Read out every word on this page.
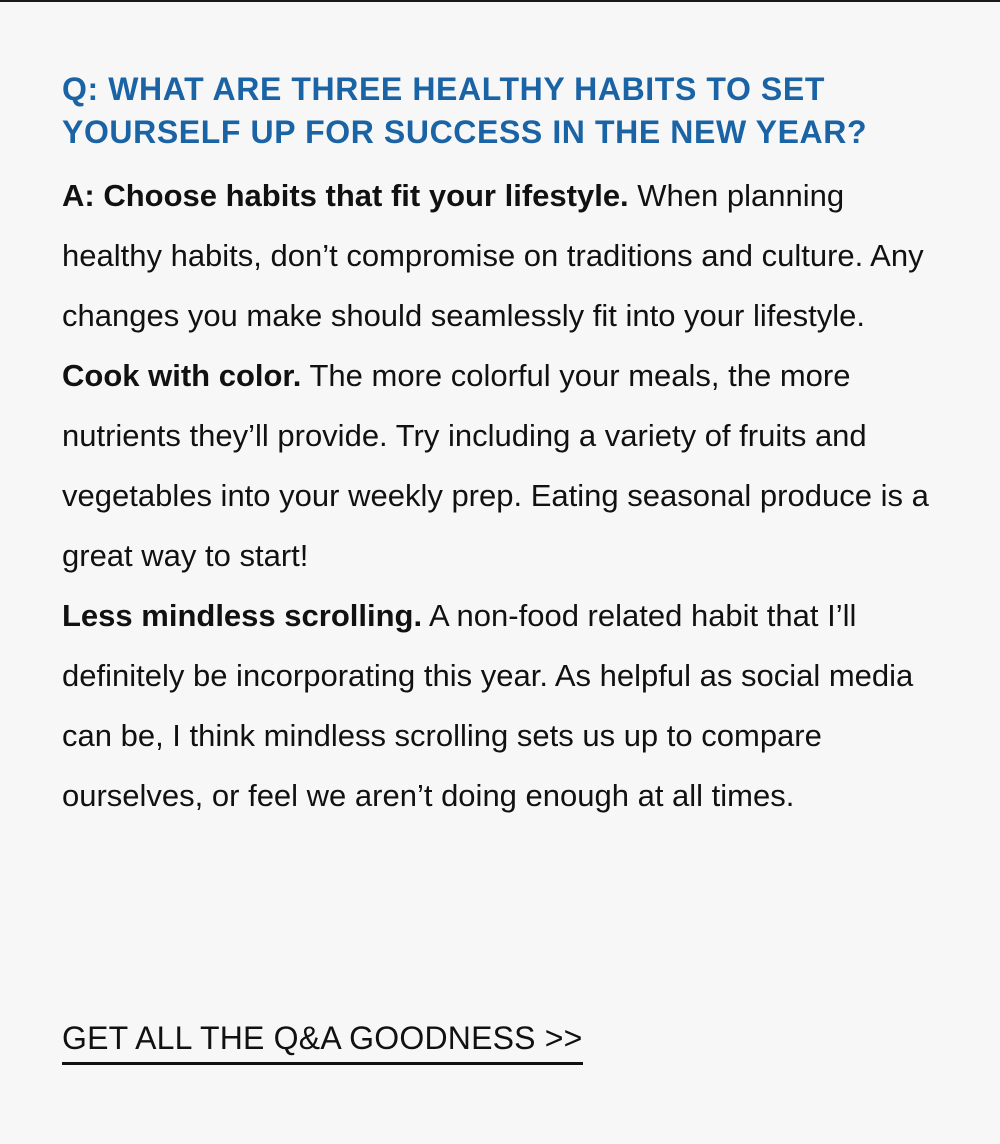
Q: WHAT ARE THREE HEALTHY HABITS TO SET YOURSELF UP FOR SUCCESS IN THE NEW YEAR?

A: Choose habits that fit your lifestyle. When planning healthy habits, don’t compromise on traditions and culture. Any changes you make should seamlessly fit into your lifestyle.

Cook with color. The more colorful your meals, the more nutrients they’ll provide. Try including a variety of fruits and vegetables into your weekly prep. Eating seasonal produce is a great way to start!

Less mindless scrolling. A non-food related habit that I’ll definitely be incorporating this year. As helpful as social media can be, I think mindless scrolling sets us up to compare ourselves, or feel we aren’t doing enough at all times.

GET ALL THE Q&A GOODNESS >>
